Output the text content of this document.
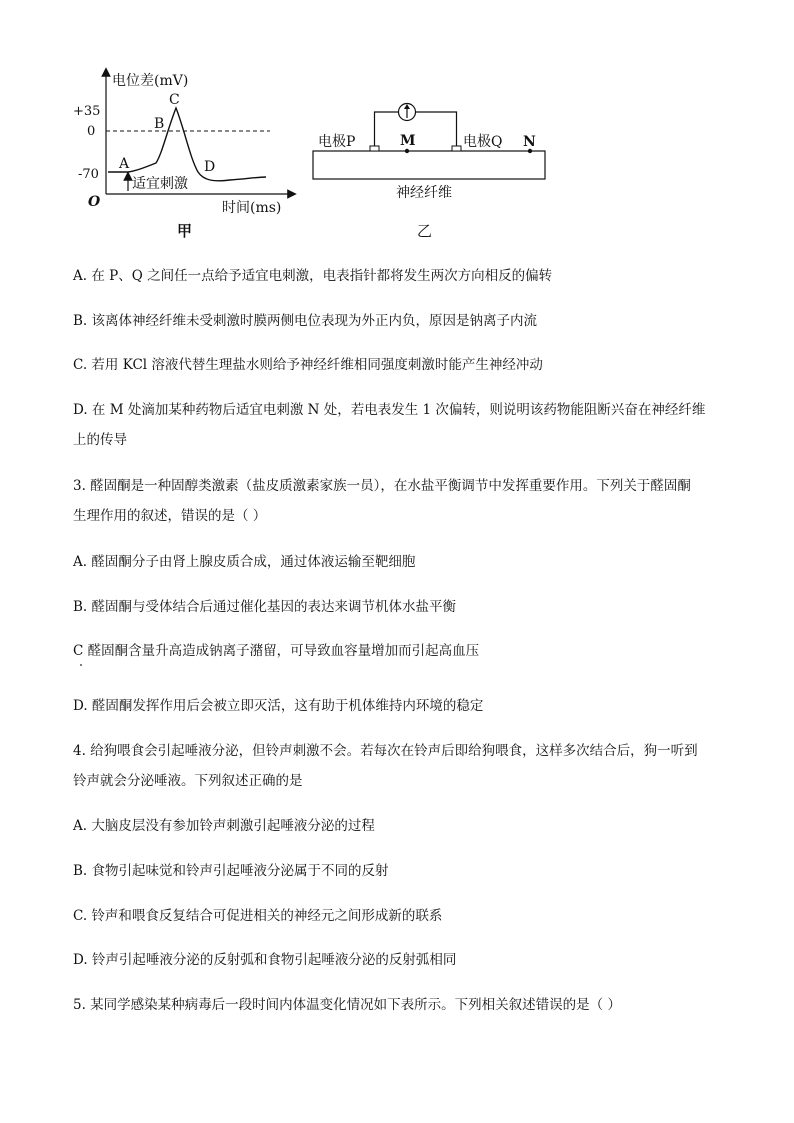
电位差(mV)
时间(ms)
O
+35
0
-70
A
B
C
D
适宜刺激
甲
电极P	M	电极Q N
神经纤维
乙
A. 在 P、Q 之间任一点给予适宜电刺激，电表指针都将发生两次方向相反的偏转
B. 该离体神经纤维未受刺激时膜两侧电位表现为外正内负，原因是钠离子内流
C. 若用 KCl 溶液代替生理盐水则给予神经纤维相同强度刺激时能产生神经冲动
D. 在 M 处滴加某种药物后适宜电刺激 N 处，若电表发生 1 次偏转，则说明该药物能阻断兴奋在神经纤维
上的传导
3. 醛固酮是一种固醇类激素（盐皮质激素家族一员），在水盐平衡调节中发挥重要作用。下列关于醛固酮
生理作用的叙述，错误的是（ ）
A. 醛固酮分子由肾上腺皮质合成，通过体液运输至靶细胞
B. 醛固酮与受体结合后通过催化基因的表达来调节机体水盐平衡
C 醛固酮含量升高造成钠离子潴留，可导致血容量增加而引起高血压
D. 醛固酮发挥作用后会被立即灭活，这有助于机体维持内环境的稳定
4. 给狗喂食会引起唾液分泌，但铃声刺激不会。若每次在铃声后即给狗喂食，这样多次结合后，狗一听到
铃声就会分泌唾液。下列叙述正确的是
A. 大脑皮层没有参加铃声刺激引起唾液分泌的过程
B. 食物引起味觉和铃声引起唾液分泌属于不同的反射
C. 铃声和喂食反复结合可促进相关的神经元之间形成新的联系
D. 铃声引起唾液分泌的反射弧和食物引起唾液分泌的反射弧相同
5. 某同学感染某种病毒后一段时间内体温变化情况如下表所示。下列相关叙述错误的是（ ）
